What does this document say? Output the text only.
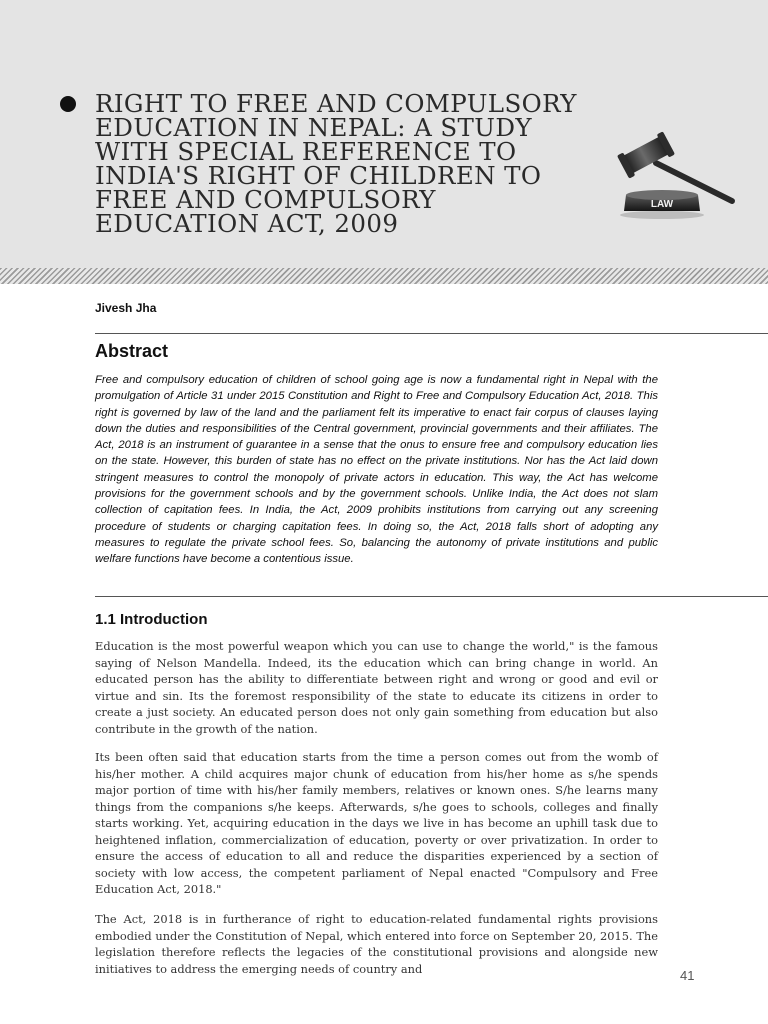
RIGHT TO FREE AND COMPULSORY
EDUCATION IN NEPAL: A STUDY
WITH SPECIAL REFERENCE TO
INDIA'S RIGHT OF CHILDREN TO
FREE AND COMPULSORY
EDUCATION ACT, 2009
LAW

Jivesh Jha

Abstract

Free and compulsory education of children of school going age is now a fundamental right in Nepal with the promulgation of Article 31 under 2015 Constitution and Right to Free and Compulsory Education Act, 2018. This right is governed by law of the land and the parliament felt its imperative to enact fair corpus of clauses laying down the duties and responsibilities of the Central government, provincial governments and their affiliates. The Act, 2018 is an instrument of guarantee in a sense that the onus to ensure free and compulsory education lies on the state. However, this burden of state has no effect on the private institutions. Nor has the Act laid down stringent measures to control the monopoly of private actors in education. This way, the Act has welcome provisions for the government schools and by the government schools. Unlike India, the Act does not slam collection of capitation fees. In India, the Act, 2009 prohibits institutions from carrying out any screening procedure of students or charging capitation fees. In doing so, the Act, 2018 falls short of adopting any measures to regulate the private school fees. So, balancing the autonomy of private institutions and public welfare functions have become a contentious issue.

1.1 Introduction

Education is the most powerful weapon which you can use to change the world," is the famous saying of Nelson Mandella. Indeed, its the education which can bring change in world. An educated person has the ability to differentiate between right and wrong or good and evil or virtue and sin. Its the foremost responsibility of the state to educate its citizens in order to create a just society. An educated person does not only gain something from education but also contribute in the growth of the nation.

Its been often said that education starts from the time a person comes out from the womb of his/her mother. A child acquires major chunk of education from his/her home as s/he spends major portion of time with his/her family members, relatives or known ones. S/he learns many things from the companions s/he keeps. Afterwards, s/he goes to schools, colleges and finally starts working. Yet, acquiring education in the days we live in has become an uphill task due to heightened inflation, commercialization of education, poverty or over privatization. In order to ensure the access of education to all and reduce the disparities experienced by a section of society with low access, the competent parliament of Nepal enacted "Compulsory and Free Education Act, 2018."

The Act, 2018 is in furtherance of right to education-related fundamental rights provisions embodied under the Constitution of Nepal, which entered into force on September 20, 2015. The legislation therefore reflects the legacies of the constitutional provisions and alongside new initiatives to address the emerging needs of country and	41
